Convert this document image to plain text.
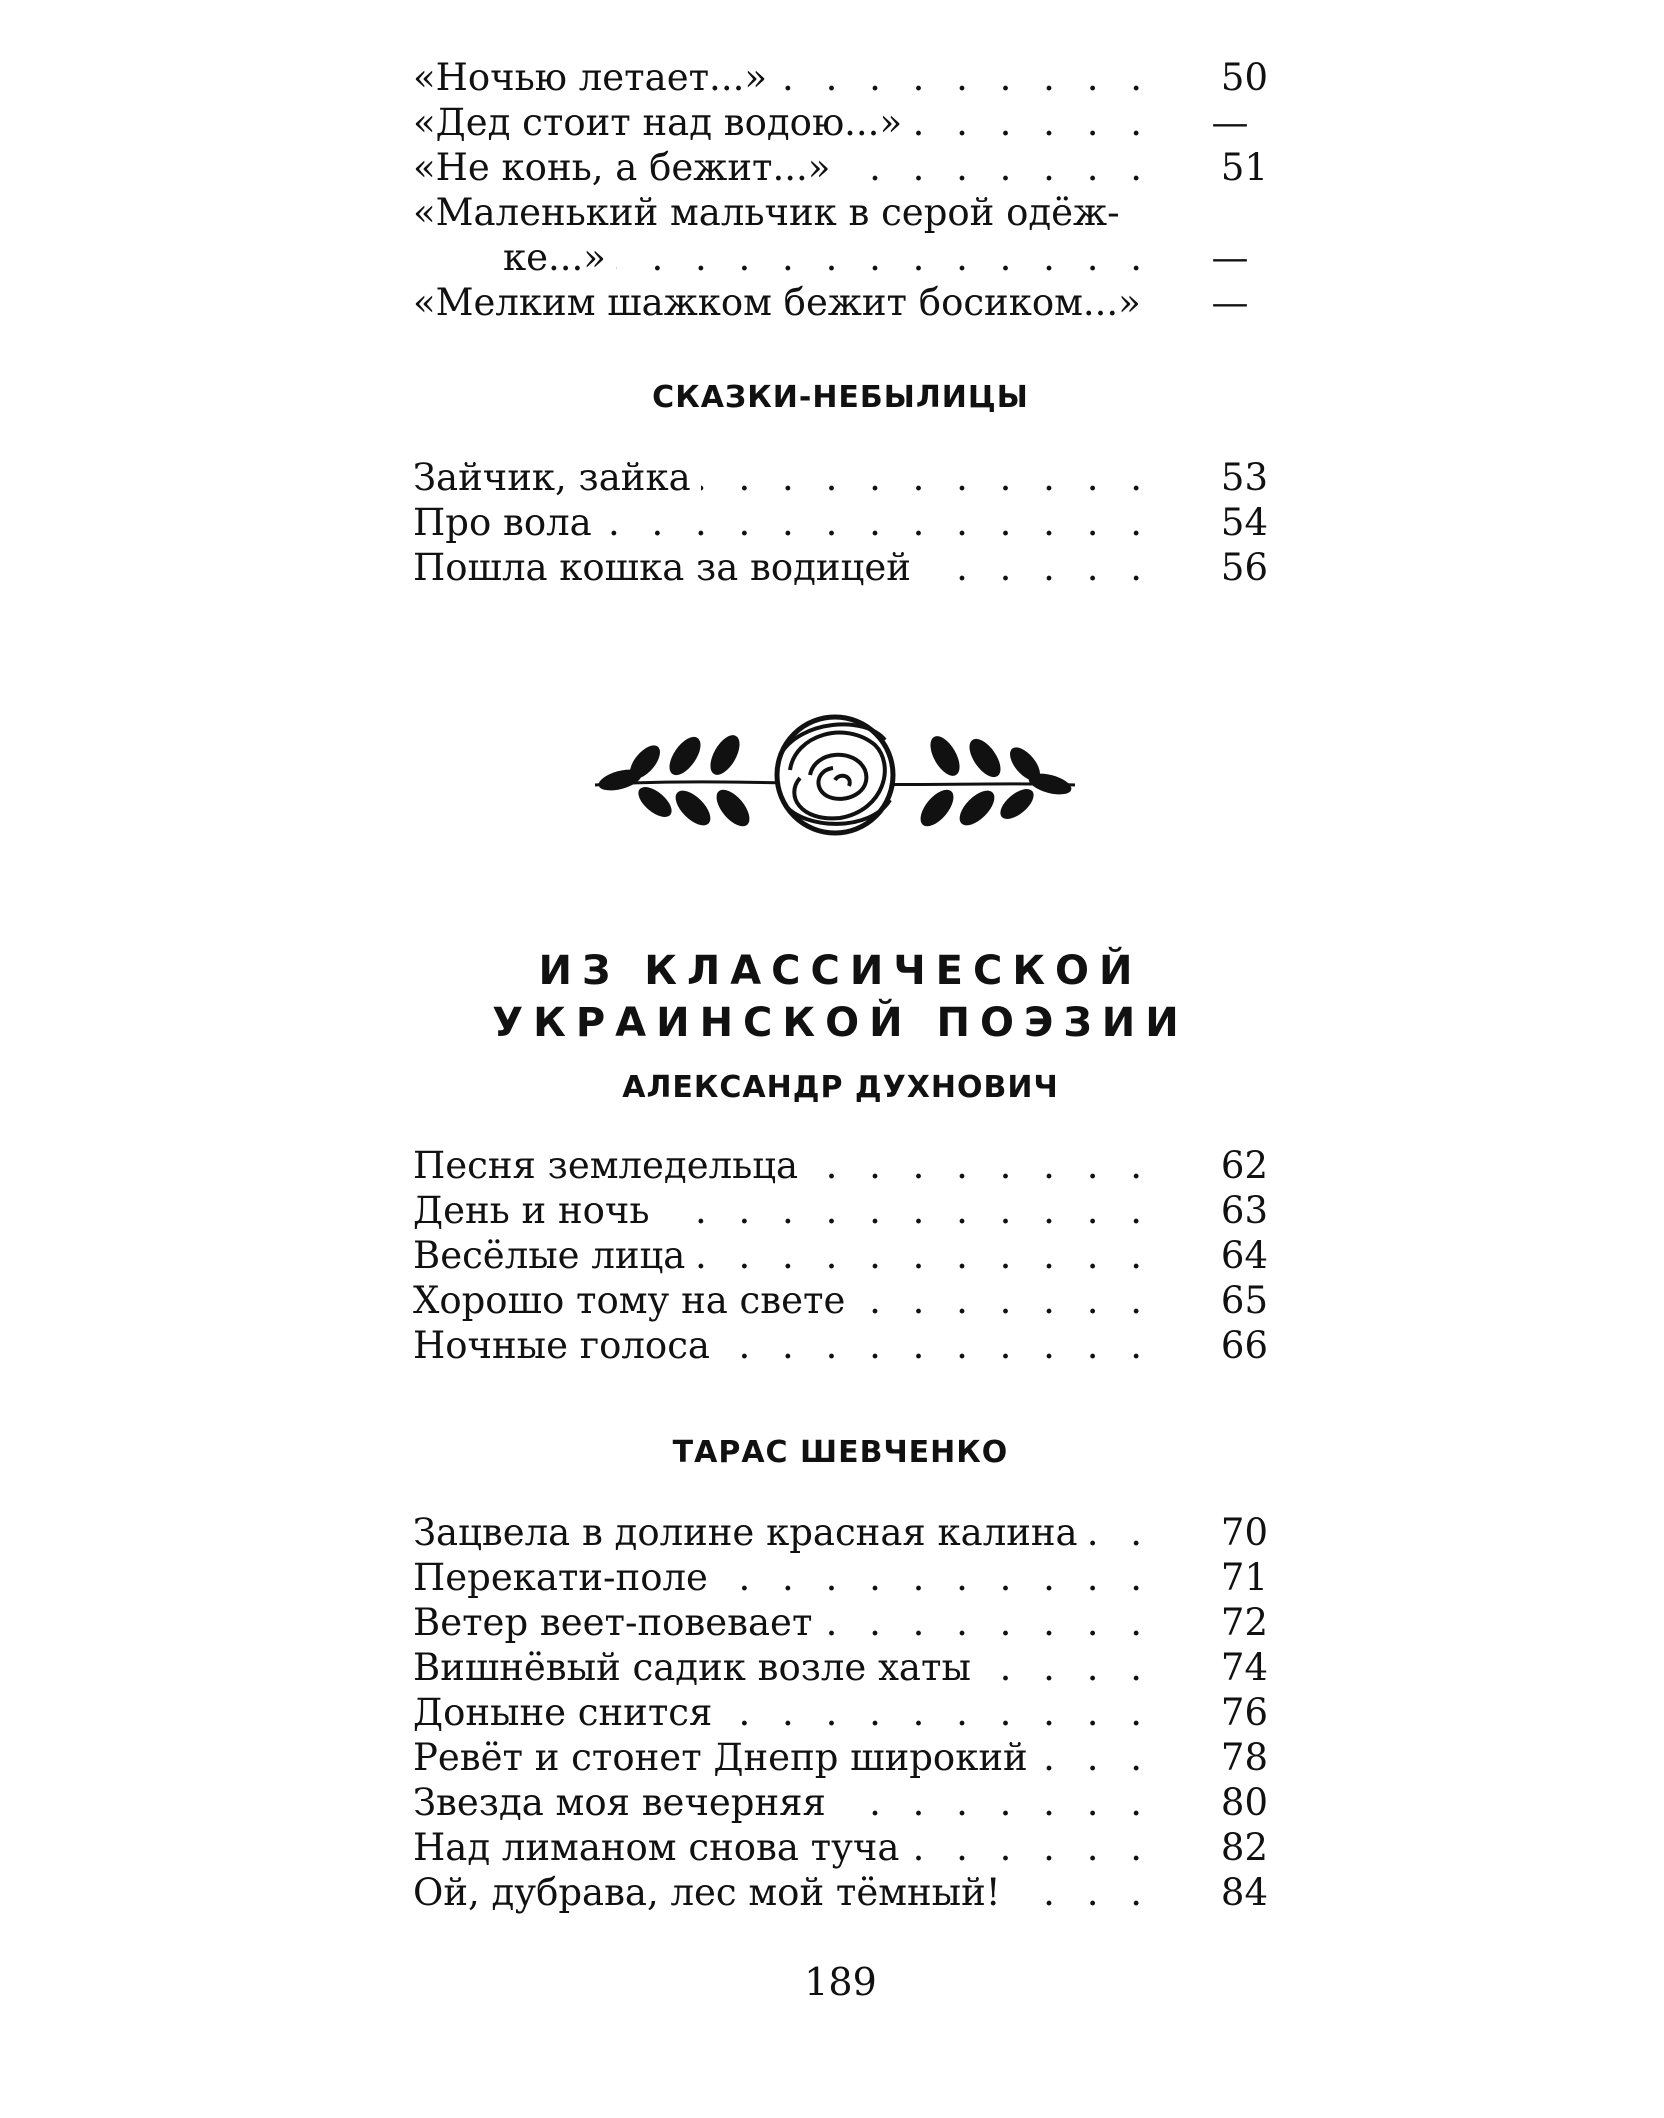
«Ночью летает...» . . .	50
«Дед стоит над водою...» . . .	—
«Не конь, а бежит...» . . .	51
«Маленький мальчик в серой одёж-
ке...» . . .	—
«Мелким шажком бежит босиком...»	—
СКАЗКИ-НЕБЫЛИЦЫ
Зайчик, зайка . . .	53
Про вола . . .	54
Пошла кошка за водицей . . .	56
ИЗ КЛАССИЧЕСКОЙ
УКРАИНСКОЙ ПОЭЗИИ
АЛЕКСАНДР ДУХНОВИЧ
Песня земледельца . . .	62
День и ночь . . .	63
Весёлые лица . . .	64
Хорошо тому на свете . . .	65
Ночные голоса . . .	66
ТАРАС ШЕВЧЕНКО
Зацвела в долине красная калина . . .	70
Перекати-поле . . .	71
Ветер веет-повевает . . .	72
Вишнёвый садик возле хаты . . .	74
Доныне снится . . .	76
Ревёт и стонет Днепр широкий . . .	78
Звезда моя вечерняя . . .	80
Над лиманом снова туча . . .	82
Ой, дубрава, лес мой тёмный! . . .	84
189
